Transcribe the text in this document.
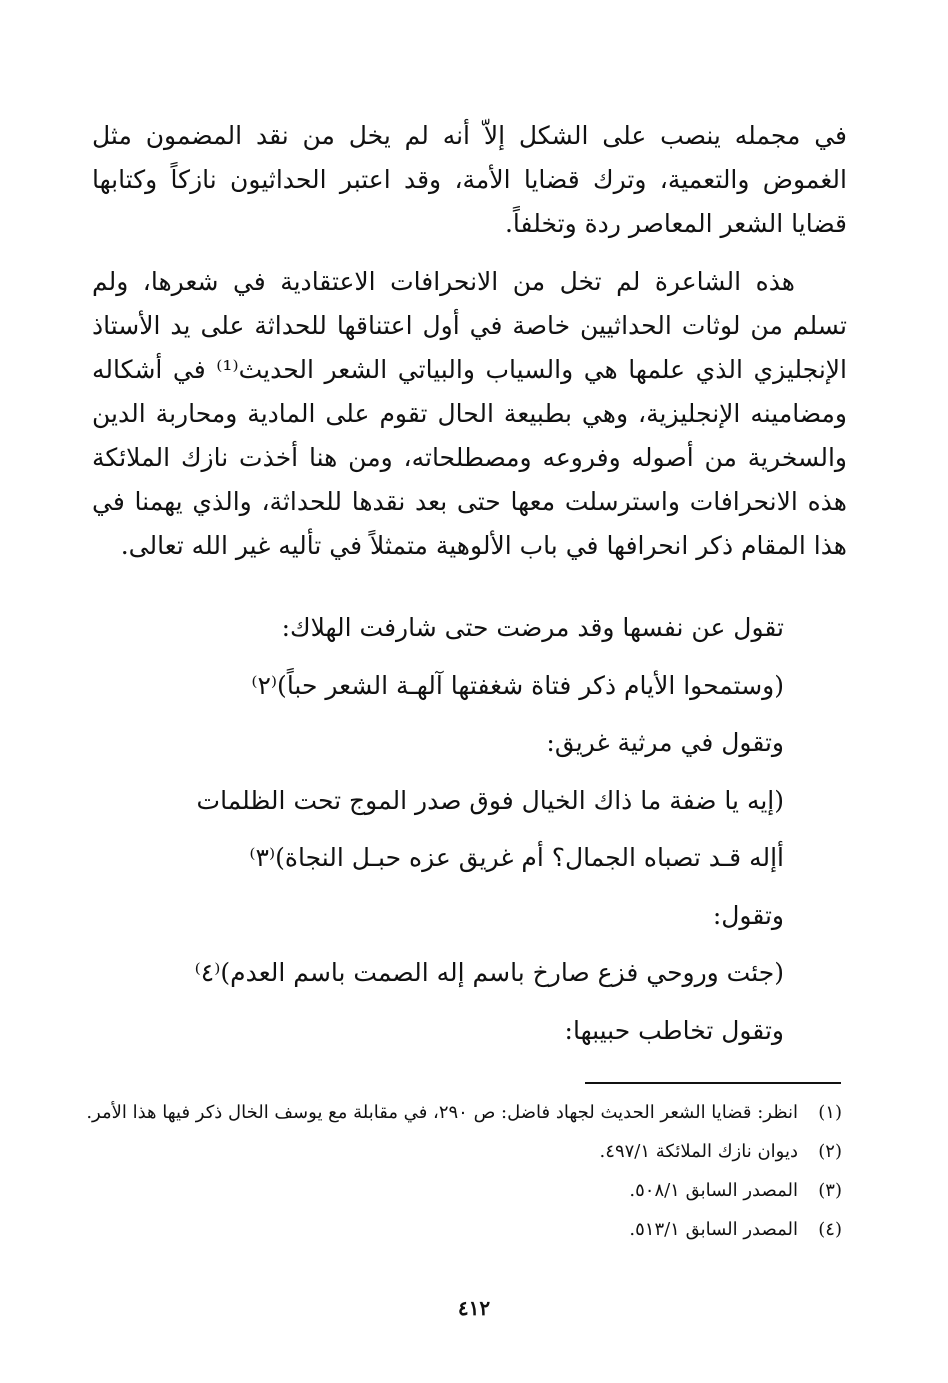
في مجمله ينصب على الشكل إلاّ أنه لم يخل من نقد المضمون مثل الغموض والتعمية، وترك قضايا الأمة، وقد اعتبر الحداثيون نازكاً وكتابها قضايا الشعر المعاصر ردة وتخلفاً.

هذه الشاعرة لم تخل من الانحرافات الاعتقادية في شعرها، ولم تسلم من لوثات الحداثيين خاصة في أول اعتناقها للحداثة على يد الأستاذ الإنجليزي الذي علمها هي والسياب والبياتي الشعر الحديث⁽¹⁾ في أشكاله ومضامينه الإنجليزية، وهي بطبيعة الحال تقوم على المادية ومحاربة الدين والسخرية من أصوله وفروعه ومصطلحاته، ومن هنا أخذت نازك الملائكة هذه الانحرافات واسترسلت معها حتى بعد نقدها للحداثة، والذي يهمنا في هذا المقام ذكر انحرافها في باب الألوهية متمثلاً في تأليه غير الله تعالى.

تقول عن نفسها وقد مرضت حتى شارفت الهلاك:
(وستمحوا الأيام ذكر فتاة شغفتها آلهـة الشعر حباً)⁽٢⁾
وتقول في مرثية غريق:
(إيه يا ضفة ما ذاك الخيال فوق صدر الموج تحت الظلمات
أإله قـد تصباه الجمال؟ أم غريق عزه حبـل النجاة)⁽٣⁾
وتقول:
(جئت وروحي فزع صارخ باسم إله الصمت باسم العدم)⁽٤⁾
وتقول تخاطب حبيبها:
(١)
انظر: قضايا الشعر الحديث لجهاد فاضل: ص ٢٩٠، في مقابلة مع يوسف الخال ذكر فيها هذا الأمر.
(٢)
ديوان نازك الملائكة ٤٩٧/١.
(٣)
المصدر السابق ٥٠٨/١.
(٤)
المصدر السابق ٥١٣/١.
٤١٢
